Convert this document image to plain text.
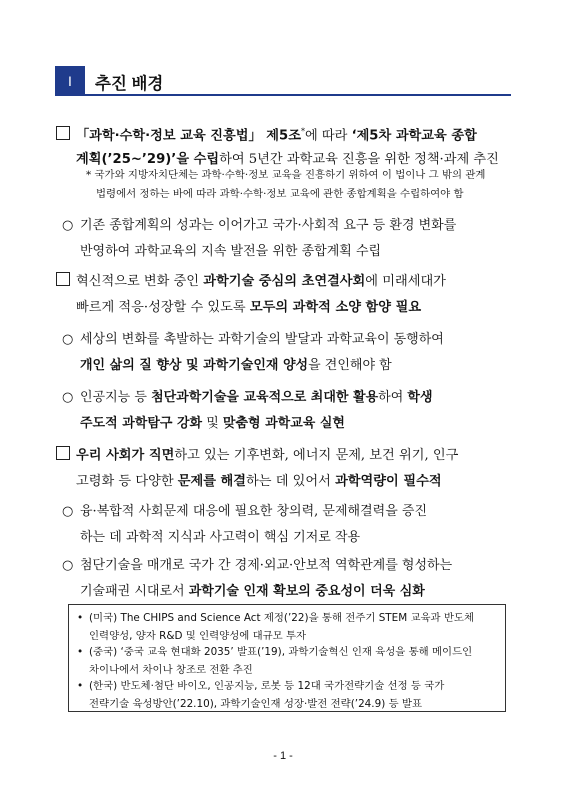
I	추진 배경
「과학·수학·정보 교육 진흥법」 제5조*에 따라 ‘제5차 과학교육 종합
계획(’25~’29)’을 수립하여 5년간 과학교육 진흥을 위한 정책·과제 추진
* 국가와 지방자치단체는 과학·수학·정보 교육을 진흥하기 위하여 이 법이나 그 밖의 관계
법령에서 정하는 바에 따라 과학·수학·정보 교육에 관한 종합계획을 수립하여야 함
○ 기존 종합계획의 성과는 이어가고 국가·사회적 요구 등 환경 변화를
반영하여 과학교육의 지속 발전을 위한 종합계획 수립
혁신적으로 변화 중인 과학기술 중심의 초연결사회에 미래세대가
빠르게 적응·성장할 수 있도록 모두의 과학적 소양 함양 필요
○ 세상의 변화를 촉발하는 과학기술의 발달과 과학교육이 동행하여
개인 삶의 질 향상 및 과학기술인재 양성을 견인해야 함
○ 인공지능 등 첨단과학기술을 교육적으로 최대한 활용하여 학생
주도적 과학탐구 강화 및 맞춤형 과학교육 실현
우리 사회가 직면하고 있는 기후변화, 에너지 문제, 보건 위기, 인구
고령화 등 다양한 문제를 해결하는 데 있어서 과학역량이 필수적
○ 융·복합적 사회문제 대응에 필요한 창의력, 문제해결력을 증진
하는 데 과학적 지식과 사고력이 핵심 기저로 작용
○ 첨단기술을 매개로 국가 간 경제·외교·안보적 역학관계를 형성하는
기술패권 시대로서 과학기술 인재 확보의 중요성이 더욱 심화
• (미국) The CHIPS and Science Act 제정(’22)을 통해 전주기 STEM 교육과 반도체
인력양성, 양자 R&D 및 인력양성에 대규모 투자
• (중국) ‘중국 교육 현대화 2035’ 발표(’19), 과학기술혁신 인재 육성을 통해 메이드인
차이나에서 차이나 창조로 전환 추진
• (한국) 반도체·첨단 바이오, 인공지능, 로봇 등 12대 국가전략기술 선정 등 국가
전략기술 육성방안(’22.10), 과학기술인재 성장·발전 전략(’24.9) 등 발표
- 1 -
